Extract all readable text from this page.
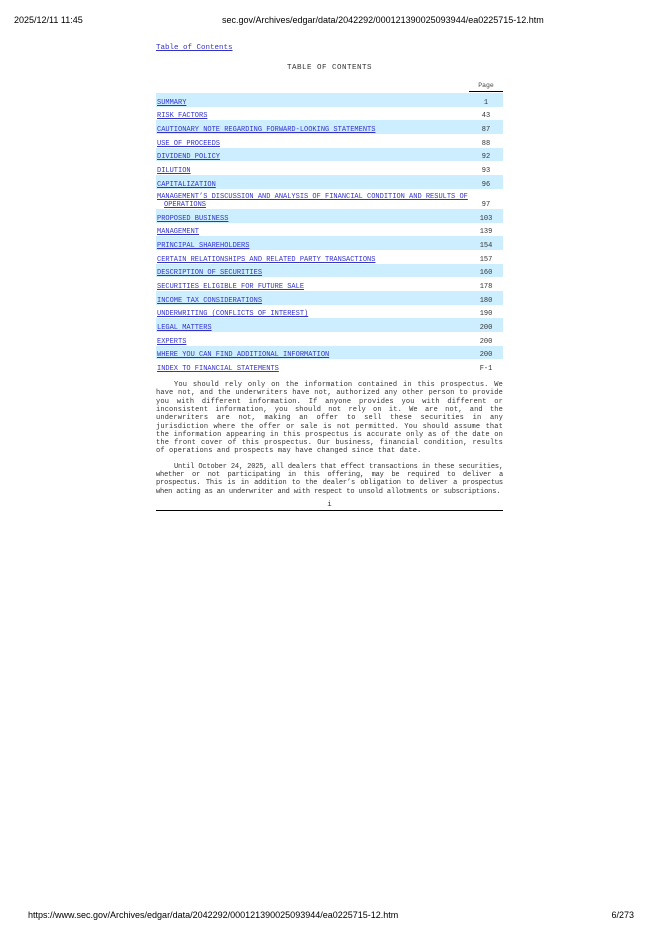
2025/12/11 11:45	sec.gov/Archives/edgar/data/2042292/000121390025093944/ea0225715-12.htm
Table of Contents
TABLE OF CONTENTS
Page
SUMMARY	1
RISK FACTORS	43
CAUTIONARY NOTE REGARDING FORWARD-LOOKING STATEMENTS	87
USE OF PROCEEDS	88
DIVIDEND POLICY	92
DILUTION	93
CAPITALIZATION	96
MANAGEMENT’S DISCUSSION AND ANALYSIS OF FINANCIAL CONDITION AND RESULTS OF
OPERATIONS	97
PROPOSED BUSINESS	103
MANAGEMENT	139
PRINCIPAL SHAREHOLDERS	154
CERTAIN RELATIONSHIPS AND RELATED PARTY TRANSACTIONS	157
DESCRIPTION OF SECURITIES	160
SECURITIES ELIGIBLE FOR FUTURE SALE	178
INCOME TAX CONSIDERATIONS	180
UNDERWRITING (CONFLICTS OF INTEREST)	190
LEGAL MATTERS	200
EXPERTS	200
WHERE YOU CAN FIND ADDITIONAL INFORMATION	200
INDEX TO FINANCIAL STATEMENTS	F-1
You should rely only on the information contained in this prospectus. We have not, and the underwriters have not, authorized any other person to provide you with different information. If anyone provides you with different or inconsistent information, you should not rely on it. We are not, and the underwriters are not, making an offer to sell these securities in any jurisdiction where the offer or sale is not permitted. You should assume that the information appearing in this prospectus is accurate only as of the date on the front cover of this prospectus. Our business, financial condition, results of operations and prospects may have changed since that date.
Until October 24, 2025, all dealers that effect transactions in these securities, whether or not participating in this offering, may be required to deliver a prospectus. This is in addition to the dealer’s obligation to deliver a prospectus when acting as an underwriter and with respect to unsold allotments or subscriptions.
i
https://www.sec.gov/Archives/edgar/data/2042292/000121390025093944/ea0225715-12.htm	6/273
